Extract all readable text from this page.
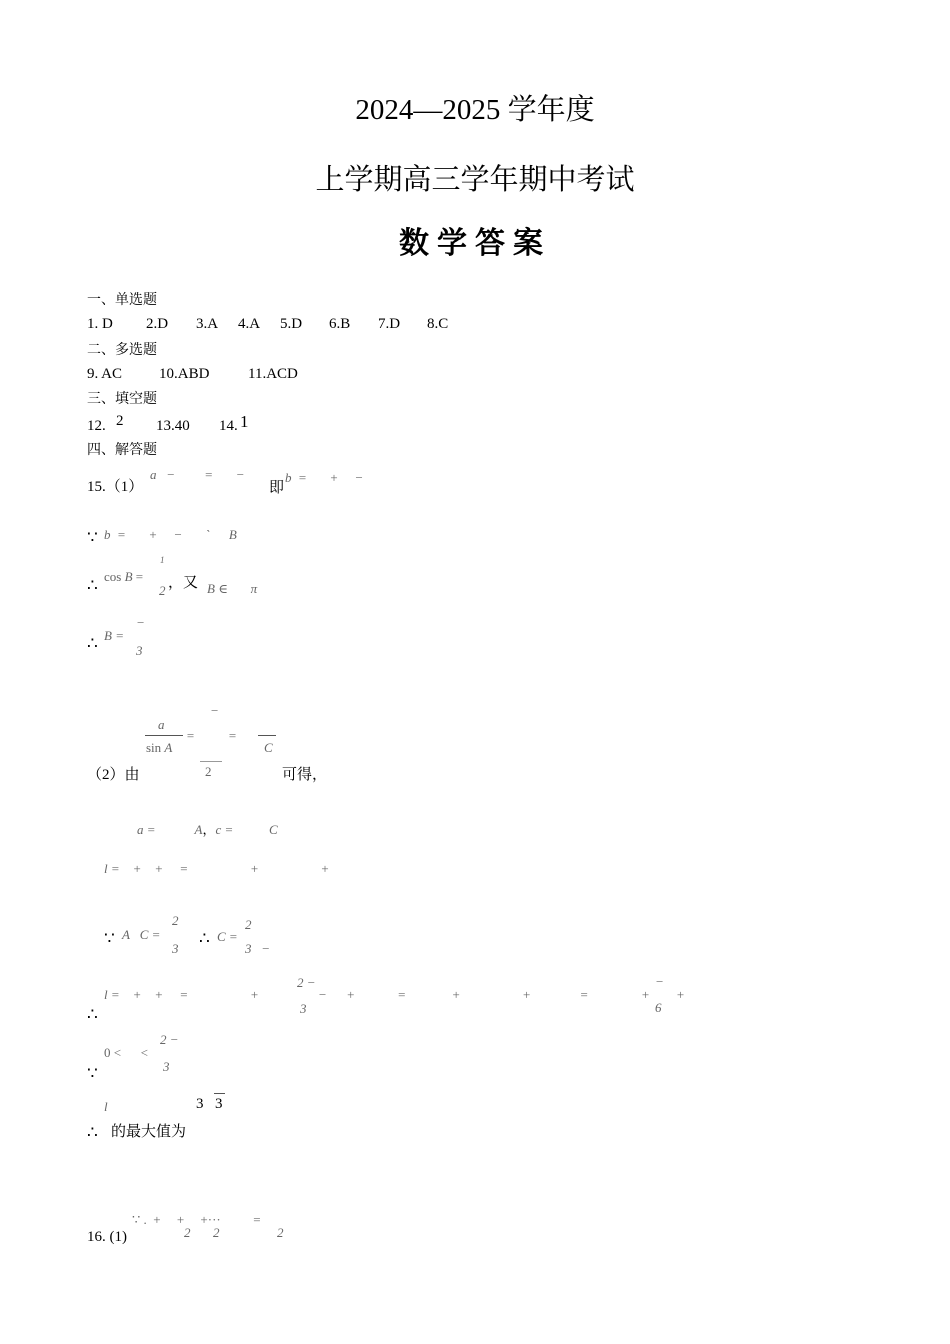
2024—2025 学年度
上学期高三学年期中考试
数学答案
一、单选题
1. D 2.D 3.A 4.A 5.D 6.B 7.D 8.C
二、多选题
9. AC 10.ABD	11.ACD
三、填空题
12. 2 13.40 14. 1
四、解答题
15.（1）
a   −         =       −
即
b  =       +     −
∵ b  =       +     −       `      B
∴ cos B =
2
1
，又 B ∈       π
∴ B =
−
3
a
sin A
=
−
=
C
（2）由	2	可得，
a =            A，c =           C
l =    +    +     =                   +                   +
∵ A   C =
2
3
∴ C =
2
3   −
∴
l =    +    +     =                   +
2 −
3
−      +             =              +                   +               =	+
−
6
+
∵
0 <      <
2 −
3
l	3 3
∴ 的最大值为
16. (1)
∵ .  +     +     +···          =
2 2	2
